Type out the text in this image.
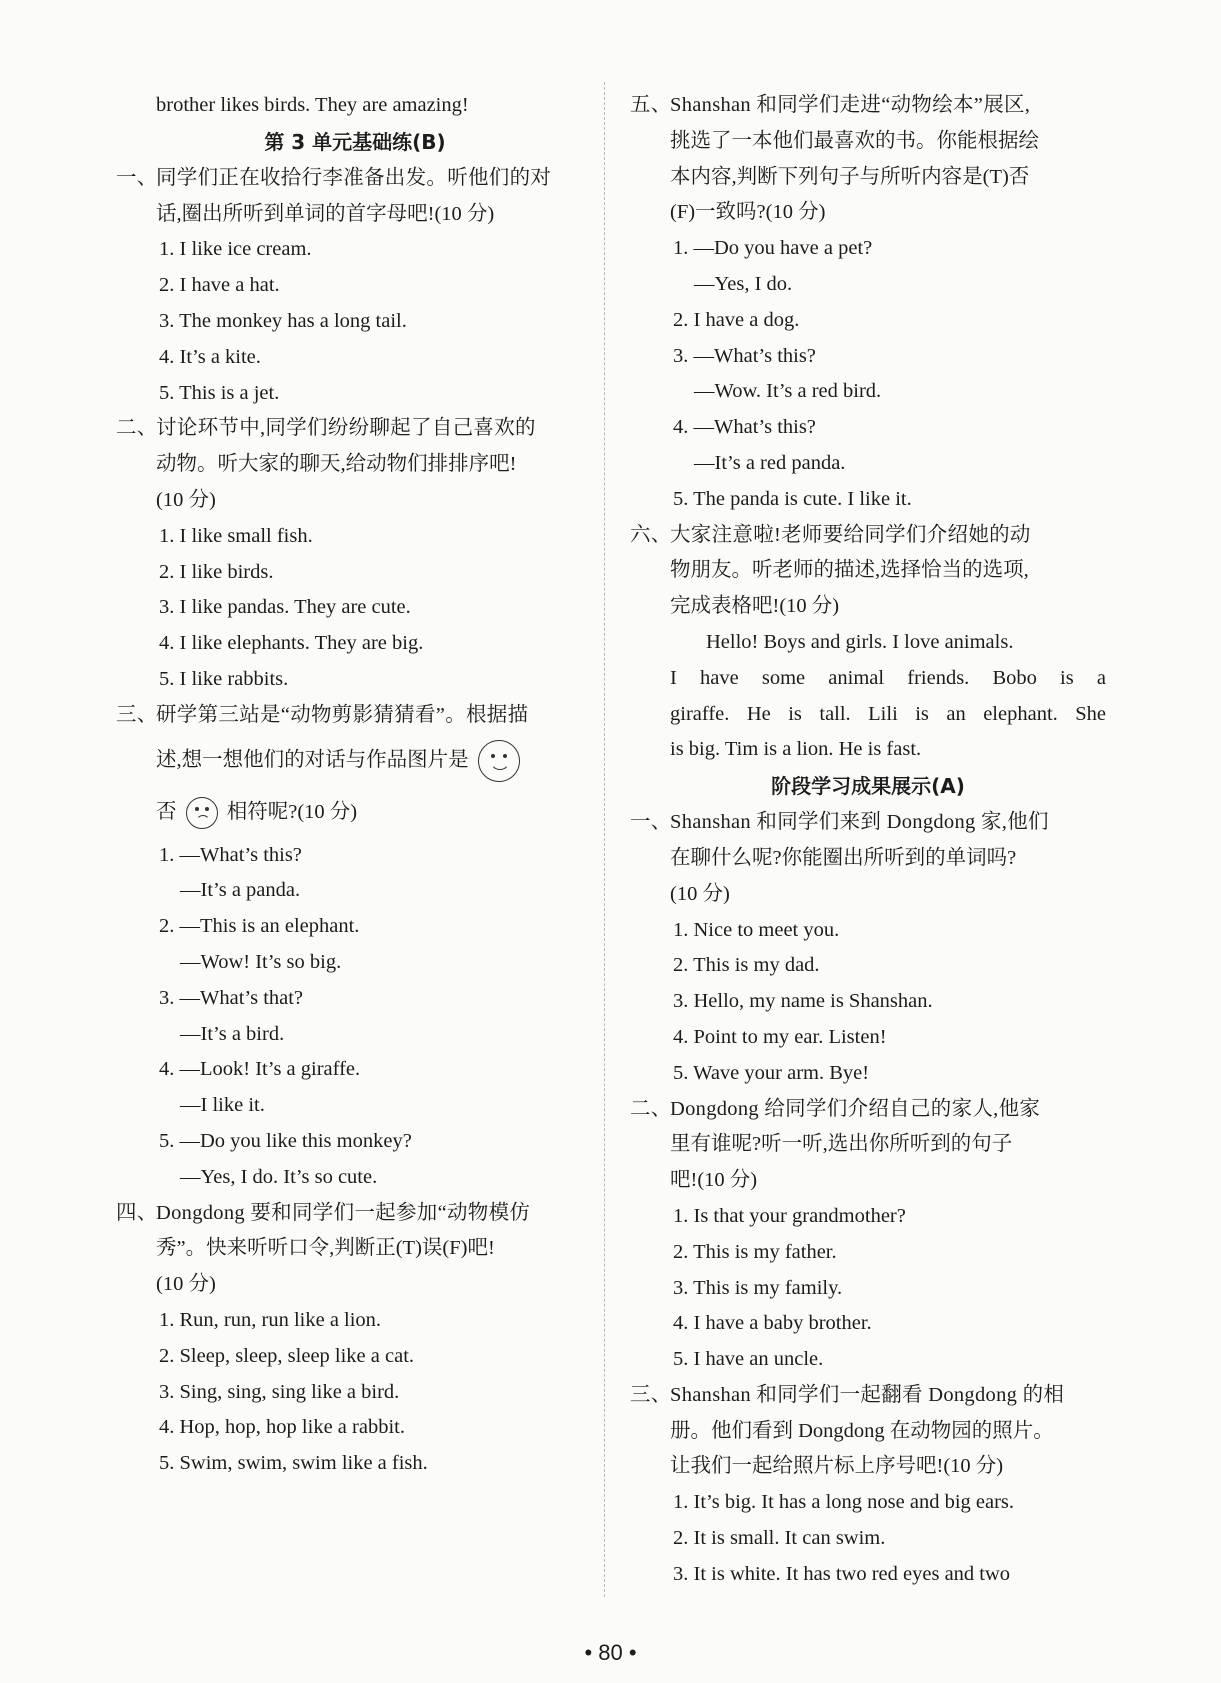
brother likes birds. They are amazing!
第 3 单元基础练(B)
一、
同学们正在收拾行李准备出发。听他们的对
话,圈出所听到单词的首字母吧!(10 分)
1. I like ice cream.
2. I have a hat.
3. The monkey has a long tail.
4. It’s a kite.
5. This is a jet.
二、
讨论环节中,同学们纷纷聊起了自己喜欢的
动物。听大家的聊天,给动物们排排序吧!
(10 分)
1. I like small fish.
2. I like birds.
3. I like pandas. They are cute.
4. I like elephants. They are big.
5. I like rabbits.
三、
研学第三站是“动物剪影猜猜看”。根据描
述,想一想他们的对话与作品图片是
否 相符呢?(10 分)
1. —What’s this?
—It’s a panda.
2. —This is an elephant.
—Wow! It’s so big.
3. —What’s that?
—It’s a bird.
4. —Look! It’s a giraffe.
—I like it.
5. —Do you like this monkey?
—Yes, I do. It’s so cute.
四、
Dongdong 要和同学们一起参加“动物模仿
秀”。快来听听口令,判断正(T)误(F)吧!
(10 分)
1. Run, run, run like a lion.
2. Sleep, sleep, sleep like a cat.
3. Sing, sing, sing like a bird.
4. Hop, hop, hop like a rabbit.
5. Swim, swim, swim like a fish.
五、
Shanshan 和同学们走进“动物绘本”展区,
挑选了一本他们最喜欢的书。你能根据绘
本内容,判断下列句子与所听内容是(T)否
(F)一致吗?(10 分)
1. —Do you have a pet?
—Yes, I do.
2. I have a dog.
3. —What’s this?
—Wow. It’s a red bird.
4. —What’s this?
—It’s a red panda.
5. The panda is cute. I like it.
六、
大家注意啦!老师要给同学们介绍她的动
物朋友。听老师的描述,选择恰当的选项,
完成表格吧!(10 分)
Hello! Boys and girls. I love animals.
I have some animal friends. Bobo is a
giraffe. He is tall. Lili is an elephant. She
is big. Tim is a lion. He is fast.
阶段学习成果展示(A)
一、
Shanshan 和同学们来到 Dongdong 家,他们
在聊什么呢?你能圈出所听到的单词吗?
(10 分)
1. Nice to meet you.
2. This is my dad.
3. Hello, my name is Shanshan.
4. Point to my ear. Listen!
5. Wave your arm. Bye!
二、
Dongdong 给同学们介绍自己的家人,他家
里有谁呢?听一听,选出你所听到的句子
吧!(10 分)
1. Is that your grandmother?
2. This is my father.
3. This is my family.
4. I have a baby brother.
5. I have an uncle.
三、
Shanshan 和同学们一起翻看 Dongdong 的相
册。他们看到 Dongdong 在动物园的照片。
让我们一起给照片标上序号吧!(10 分)
1. It’s big. It has a long nose and big ears.
2. It is small. It can swim.
3. It is white. It has two red eyes and two
• 80 •
